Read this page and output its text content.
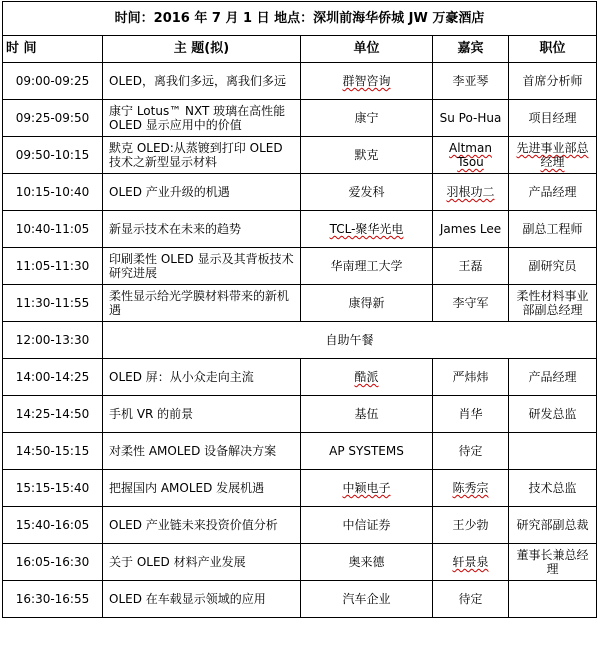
时间：2016 年 7 月 1 日 地点：深圳前海华侨城 JW 万豪酒店				
时 间	主 题(拟)	单位	嘉宾	职位
09:00-09:25	OLED，离我们多远，离我们多远	群智咨询	李亚琴	首席分析师
09:25-09:50	康宁 Lotus™ NXT 玻璃在高性能 OLED 显示应用中的价值	康宁	Su Po-Hua	项目经理
09:50-10:15	默克 OLED:从蒸镀到打印 OLED 技术之新型显示材料	默克	Altman Tsou	先进事业部总经理
10:15-10:40	OLED 产业升级的机遇	爱发科	羽根功二	产品经理
10:40-11:05	新显示技术在未来的趋势	TCL-聚华光电	James Lee	副总工程师
11:05-11:30	印刷柔性 OLED 显示及其背板技术研究进展	华南理工大学	王磊	副研究员
11:30-11:55	柔性显示给光学膜材料带来的新机遇	康得新	李守军	柔性材料事业部副总经理
12:00-13:30	自助午餐			
14:00-14:25	OLED 屏：从小众走向主流	酷派	严炜炜	产品经理
14:25-14:50	手机 VR 的前景	基伍	肖华	研发总监
14:50-15:15	对柔性 AMOLED 设备解决方案	AP SYSTEMS	待定	
15:15-15:40	把握国内 AMOLED 发展机遇	中颖电子	陈秀宗	技术总监
15:40-16:05	OLED 产业链未来投资价值分析	中信证券	王少勃	研究部副总裁
16:05-16:30	关于 OLED 材料产业发展	奥来德	轩景泉	董事长兼总经理
16:30-16:55	OLED 在车载显示领域的应用	汽车企业	待定	
